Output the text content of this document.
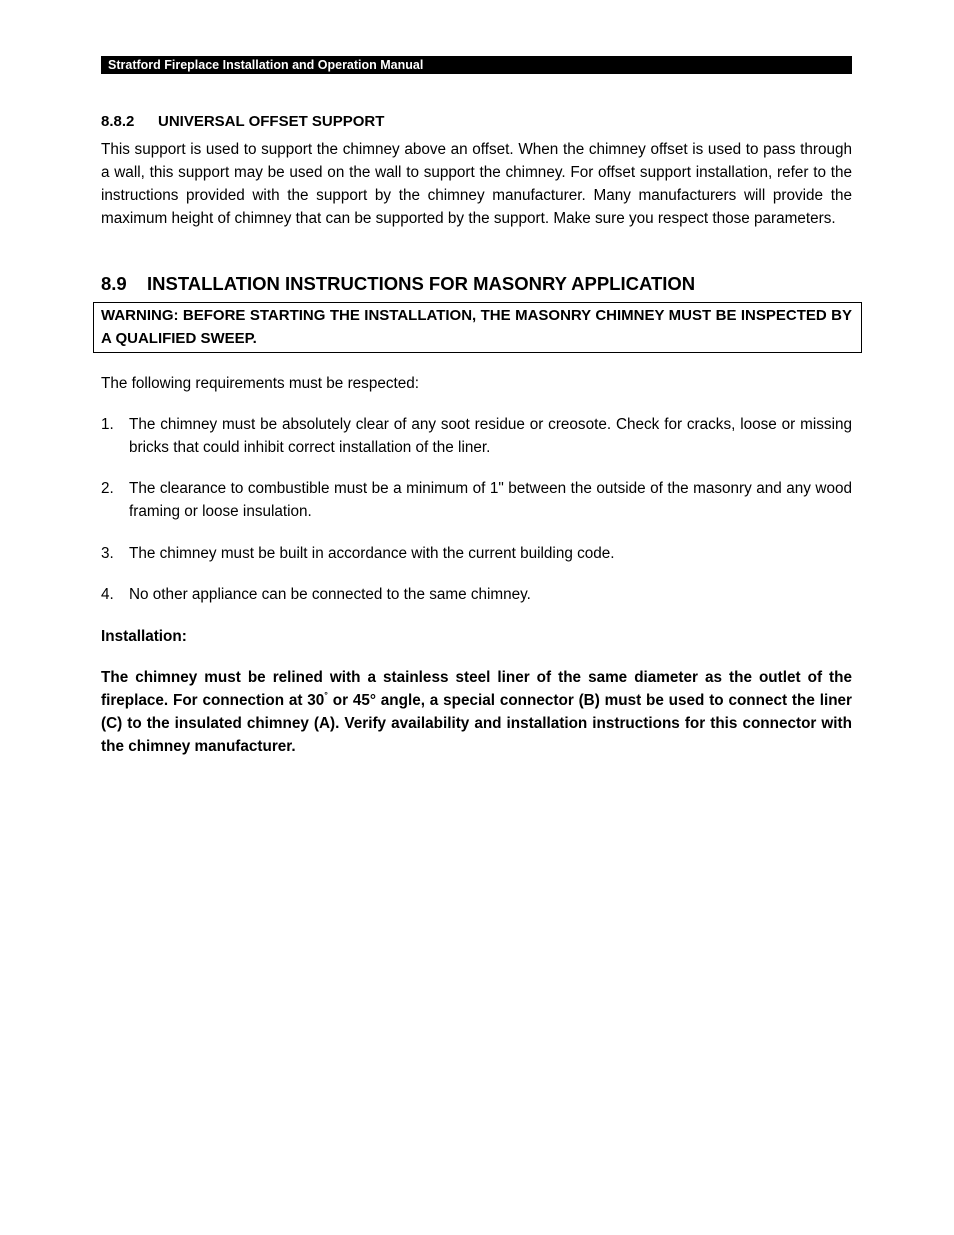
Stratford Fireplace Installation and Operation Manual
8.8.2 UNIVERSAL OFFSET SUPPORT
This support is used to support the chimney above an offset. When the chimney offset is used to pass through a wall, this support may be used on the wall to support the chimney. For offset support installation, refer to the instructions provided with the support by the chimney manufacturer. Many manufacturers will provide the maximum height of chimney that can be supported by the support. Make sure you respect those parameters.
8.9 INSTALLATION INSTRUCTIONS FOR MASONRY APPLICATION
WARNING: BEFORE STARTING THE INSTALLATION, THE MASONRY CHIMNEY MUST BE INSPECTED BY A QUALIFIED SWEEP.
The following requirements must be respected:
1. The chimney must be absolutely clear of any soot residue or creosote. Check for cracks, loose or missing bricks that could inhibit correct installation of the liner.
2. The clearance to combustible must be a minimum of 1" between the outside of the masonry and any wood framing or loose insulation.
3. The chimney must be built in accordance with the current building code.
4. No other appliance can be connected to the same chimney.
Installation:
The chimney must be relined with a stainless steel liner of the same diameter as the outlet of the fireplace. For connection at 30° or 45° angle, a special connector (B) must be used to connect the liner (C) to the insulated chimney (A). Verify availability and installation instructions for this connector with the chimney manufacturer.
